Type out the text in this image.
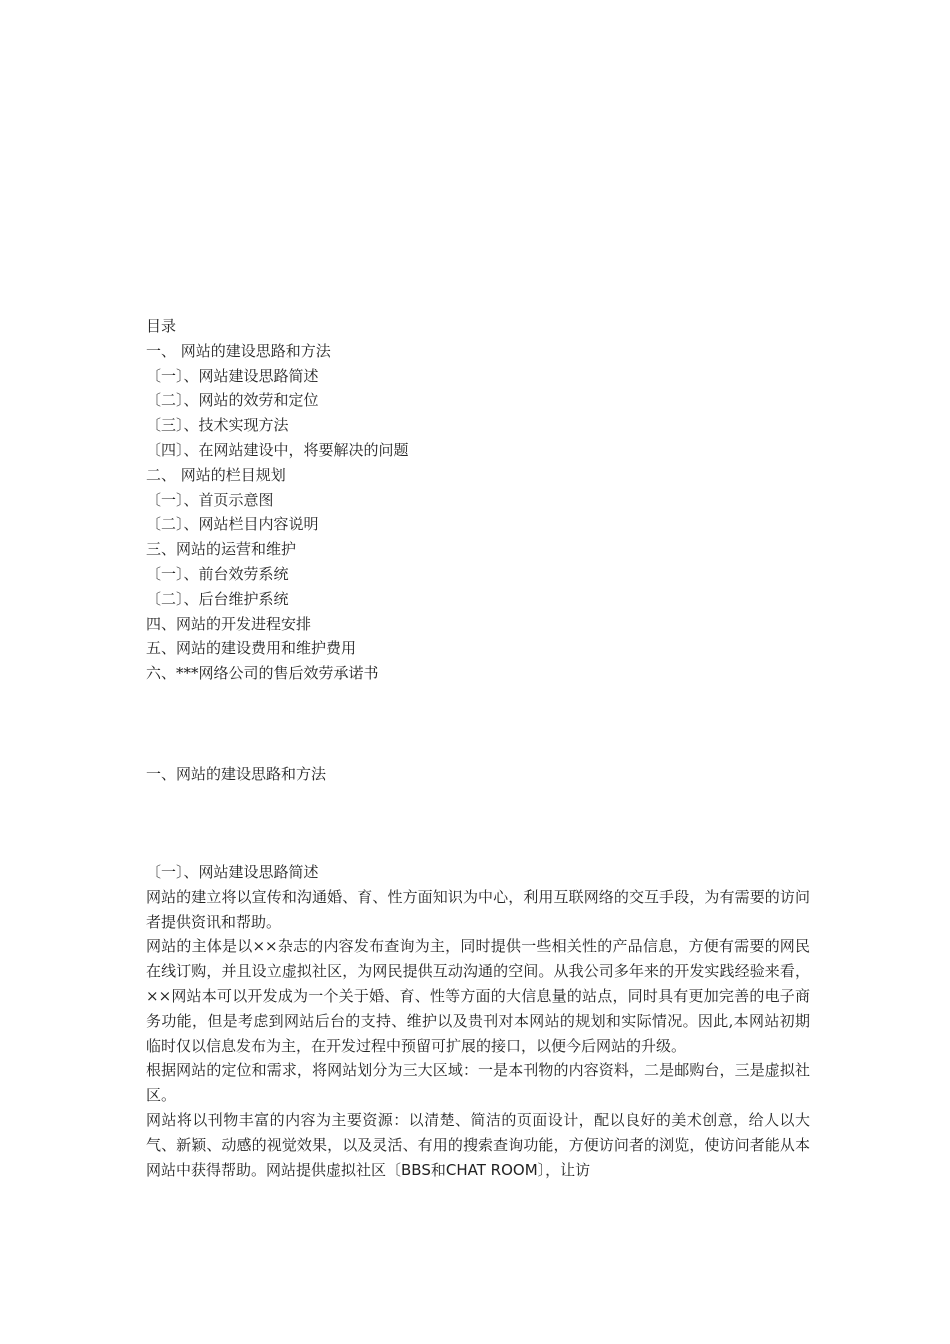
目录
一、 网站的建设思路和方法
〔一〕、网站建设思路简述
〔二〕、网站的效劳和定位
〔三〕、技术实现方法
〔四〕、在网站建设中，将要解决的问题
二、 网站的栏目规划
〔一〕、首页示意图
〔二〕、网站栏目内容说明
三、网站的运营和维护
〔一〕、前台效劳系统
〔二〕、后台维护系统
四、网站的开发进程安排
五、网站的建设费用和维护费用
六、***网络公司的售后效劳承诺书
一、网站的建设思路和方法
〔一〕、网站建设思路简述

网站的建立将以宣传和沟通婚、育、性方面知识为中心，利用互联网络的交互手段，为有需要的访问者提供资讯和帮助。

网站的主体是以××杂志的内容发布查询为主，同时提供一些相关性的产品信息，方便有需要的网民在线订购，并且设立虚拟社区，为网民提供互动沟通的空间。从我公司多年来的开发实践经验来看，××网站本可以开发成为一个关于婚、育、性等方面的大信息量的站点，同时具有更加完善的电子商务功能，但是考虑到网站后台的支持、维护以及贵刊对本网站的规划和实际情况。因此,本网站初期临时仅以信息发布为主，在开发过程中预留可扩展的接口，以便今后网站的升级。

根据网站的定位和需求，将网站划分为三大区域：一是本刊物的内容资料，二是邮购台，三是虚拟社区。

网站将以刊物丰富的内容为主要资源：以清楚、简洁的页面设计，配以良好的美术创意，给人以大气、新颖、动感的视觉效果，以及灵活、有用的搜索查询功能，方便访问者的浏览，使访问者能从本网站中获得帮助。网站提供虚拟社区〔BBS和CHAT ROOM〕，让访
